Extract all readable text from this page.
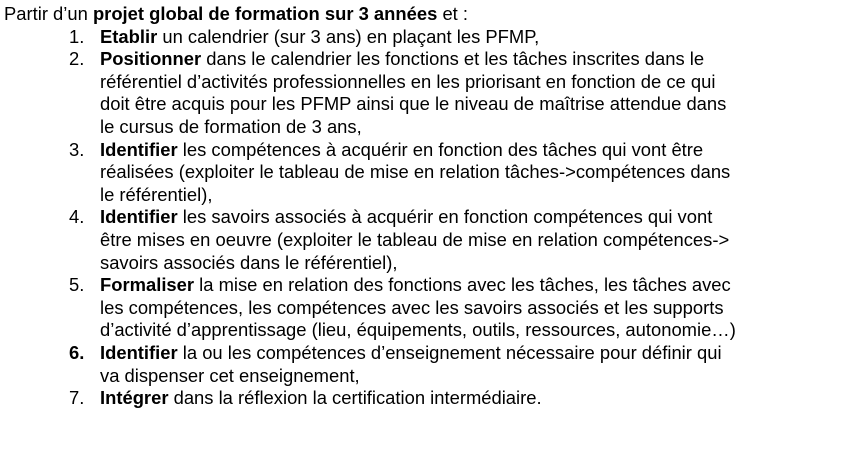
Partir d’un projet global de formation sur 3 années et :

1. Etablir un calendrier (sur 3 ans) en plaçant les PFMP,
2. Positionner dans le calendrier les fonctions et les tâches inscrites dans le
référentiel d’activités professionnelles en les priorisant en fonction de ce qui
doit être acquis pour les PFMP ainsi que le niveau de maîtrise attendue dans
le cursus de formation de 3 ans,
3. Identifier les compétences à acquérir en fonction des tâches qui vont être
réalisées (exploiter le tableau de mise en relation tâches->compétences dans
le référentiel),
4. Identifier les savoirs associés à acquérir en fonction compétences qui vont
être mises en oeuvre (exploiter le tableau de mise en relation compétences->
savoirs associés dans le référentiel),
5. Formaliser la mise en relation des fonctions avec les tâches, les tâches avec
les compétences, les compétences avec les savoirs associés et les supports
d’activité d’apprentissage (lieu, équipements, outils, ressources, autonomie…)
6. Identifier la ou les compétences d’enseignement nécessaire pour définir qui
va dispenser cet enseignement,
7. Intégrer dans la réflexion la certification intermédiaire.
